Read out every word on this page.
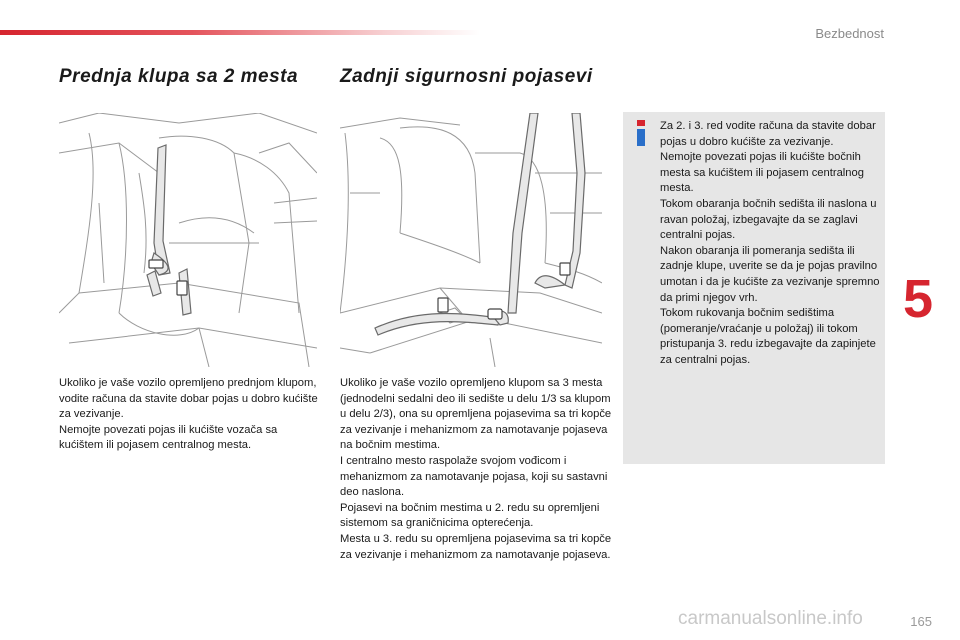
Bezbednost
5
Prednja klupa sa 2 mesta Zadnji sigurnosni pojasevi

Ukoliko je vaše vozilo opremljeno prednjom klupom, vodite računa da stavite dobar pojas u dobro kućište za vezivanje.

Nemojte povezati pojas ili kućište vozača sa kućištem ili pojasem centralnog mesta.

Ukoliko je vaše vozilo opremljeno klupom sa 3 mesta (jednodelni sedalni deo ili sedište u delu 1/3 sa klupom u delu 2/3), ona su opremljena pojasevima sa tri kopče za vezivanje i mehanizmom za namotavanje pojaseva na bočnim mestima.

I centralno mesto raspolaže svojom vođicom i mehanizmom za namotavanje pojasa, koji su sastavni deo naslona.

Pojasevi na bočnim mestima u 2. redu su opremljeni sistemom sa graničnicima opterećenja.

Mesta u 3. redu su opremljena pojasevima sa tri kopče za vezivanje i mehanizmom za namotavanje pojaseva.

Za 2. i 3. red vodite računa da stavite dobar pojas u dobro kućište za vezivanje.

Nemojte povezati pojas ili kućište bočnih mesta sa kućištem ili pojasem centralnog mesta.

Tokom obaranja bočnih sedišta ili naslona u ravan položaj, izbegavajte da se zaglavi centralni pojas.

Nakon obaranja ili pomeranja sedišta ili zadnje klupe, uverite se da je pojas pravilno umotan i da je kućište za vezivanje spremno da primi njegov vrh.

Tokom rukovanja bočnim sedištima (pomeranje/vraćanje u položaj) ili tokom pristupanja 3. redu izbegavajte da zapinjete za centralni pojas.

carmanualsonline.info	165
